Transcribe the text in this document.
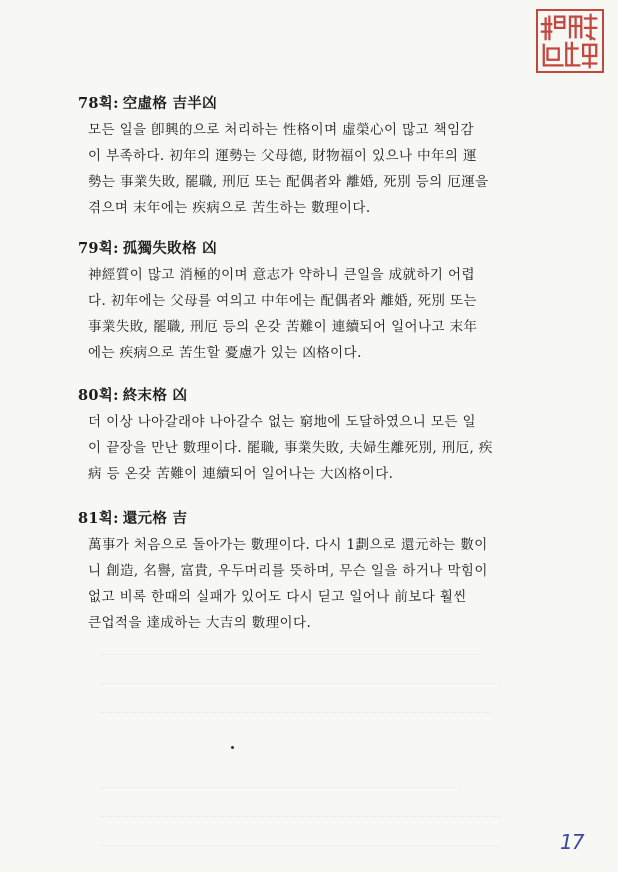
78획: 空虛格 吉半凶
모든 일을 卽興的으로 처리하는 性格이며 虛榮心이 많고 책임감
이 부족하다. 初年의 運勢는 父母德, 財物福이 있으나 中年의 運
勢는 事業失敗, 罷職, 刑厄 또는 配偶者와 離婚, 死別 등의 厄運을
겪으며 末年에는 疾病으로 苦生하는 數理이다.
79획: 孤獨失敗格 凶
神經質이 많고 消極的이며 意志가 약하니 큰일을 成就하기 어렵
다. 初年에는 父母를 여의고 中年에는 配偶者와 離婚, 死別 또는
事業失敗, 罷職, 刑厄 등의 온갖 苦難이 連續되어 일어나고 末年
에는 疾病으로 苦生할 憂慮가 있는 凶格이다.
80획: 終末格 凶
더 이상 나아갈래야 나아갈수 없는 窮地에 도달하였으니 모든 일
이 끝장을 만난 數理이다. 罷職, 事業失敗, 夫婦生離死別, 刑厄, 疾
病 등 온갖 苦難이 連續되어 일어나는 大凶格이다.
81획: 還元格 吉
萬事가 처음으로 돌아가는 數理이다. 다시 1劃으로 還元하는 數이
니 創造, 名譽, 富貴, 우두머리를 뜻하며, 무슨 일을 하거나 막힘이
없고 비록 한때의 실패가 있어도 다시 딛고 일어나 前보다 훨씬
큰업적을 達成하는 大吉의 數理이다.
17
